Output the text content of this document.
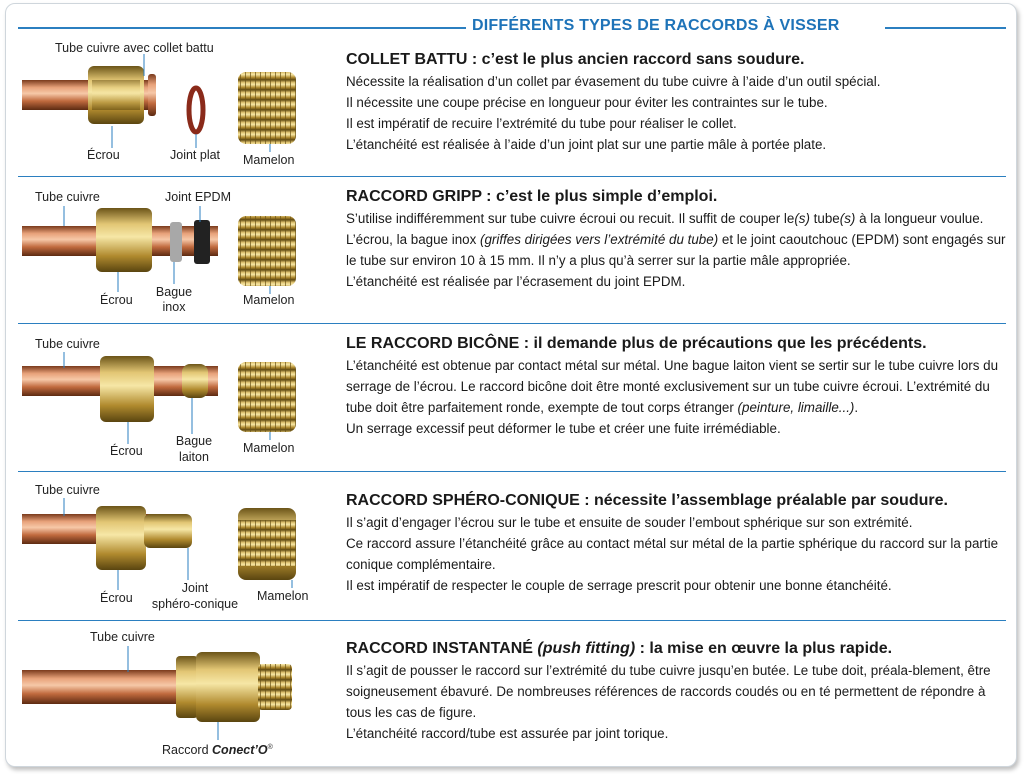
DIFFÉRENTS TYPES DE RACCORDS À VISSER
Tube cuivre avec collet battu
Écrou	Joint plat Mamelon
COLLET BATTU : c’est le plus ancien raccord sans soudure.
Nécessite la réalisation d’un collet par évasement du tube cuivre à l’aide d’un outil spécial.
Il nécessite une coupe précise en longueur pour éviter les contraintes sur le tube.
Il est impératif de recuire l’extrémité du tube pour réaliser le collet.
L’étanchéité est réalisée à l’aide d’un joint plat sur une partie mâle à portée plate.
Tube cuivre	Joint EPDM
Écrou
Bague
inox	Mamelon
RACCORD GRIPP : c’est le plus simple d’emploi.
S’utilise indifféremment sur tube cuivre écroui ou recuit. Il suffit de couper le(s) tube(s) à la longueur voulue. L’écrou, la bague inox (griffes dirigées vers l’extrémité du tube) et le joint caoutchouc (EPDM) sont engagés sur le tube sur environ 10 à 15 mm. Il n’y a plus qu’à serrer sur la partie mâle appropriée.
L’étanchéité est réalisée par l’écrasement du joint EPDM.
Tube cuivre
Écrou
Bague
laiton
Mamelon
LE RACCORD BICÔNE : il demande plus de précautions que les précédents.
L’étanchéité est obtenue par contact métal sur métal. Une bague laiton vient se sertir sur le tube cuivre lors du serrage de l’écrou. Le raccord bicône doit être monté exclusivement sur un tube cuivre écroui. L’extrémité du tube doit être parfaitement ronde, exempte de tout corps étranger (peinture, limaille...).
Un serrage excessif peut déformer le tube et créer une fuite irrémédiable.
Tube cuivre
Écrou
Joint
sphéro-conique
Mamelon
RACCORD SPHÉRO-CONIQUE : nécessite l’assemblage préalable par soudure.
Il s’agit d’engager l’écrou sur le tube et ensuite de souder l’embout sphérique sur son extrémité.
Ce raccord assure l’étanchéité grâce au contact métal sur métal de la partie sphérique du raccord sur la partie conique complémentaire.
Il est impératif de respecter le couple de serrage prescrit pour obtenir une bonne étanchéité.
Tube cuivre
Raccord Conect’O®
RACCORD INSTANTANÉ (push fitting) : la mise en œuvre la plus rapide.
Il s’agit de pousser le raccord sur l’extrémité du tube cuivre jusqu’en butée. Le tube doit, préala-blement, être soigneusement ébavuré. De nombreuses références de raccords coudés ou en té permettent de répondre à tous les cas de figure.
L’étanchéité raccord/tube est assurée par joint torique.
